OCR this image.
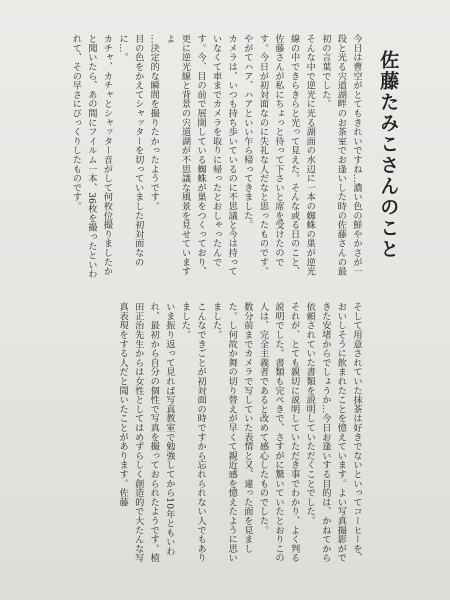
佐藤たみこさんのこと

今日は曹空がとてもきれいですね…濃い色の鮮やかさが一段と光る宍道湖畔のお茶室でお逢いした時の佐藤さんの最初の言葉でした。

そんな中で逆光に光る湖面の水辺に一本の蜘蛛の巣が逆光線の中できらきらと光って見えた。そんな或る日のこと、佐藤さんが私にちょっと待って下さいと席を受けたのです。今日が初対面なのに失礼な人だなと思ったものです。

やがてハア、ハアといい乍ら帰ってきました。

カメラは、いつも持ち歩いているのに不思議と今は持っていなくて車までカメラを取りに帰ったとおしゃったんです。今、目の前で展開している蜘蛛が巣をつくっており、更に逆光線と背景の宍道湖が不思議な風景を見せていますよ

…決定的な瞬間を撮りたかったようです。

目の色をかえてシャッターを切っていました初対面なのに…。

カチャ、カチャとシャッター音がして何枚位撮りましたかと聞いたら、あの間にフイルム一本、36枚を撮ったといわれて、その早さにびっくりしたものです。

そして用意されていた抹茶は好きでないといってコーヒーを、おいしそうに飲まれたことを憶えています。よい写真撮影ができた安堵からでしょうか…今日お逢いする目的は、かねてから依頼されていた書類を説明していただくことでした。

それが、とても親切に説明していただき事でわかり、よく判る説明でした。書類も完ぺきで、さすがに驚いていたとおりこの人は、完全主義者であると改めて感心したものでした。

数分前までカメラで写していた表情と又、違った面を見ました。し何故か舞の切り替えが早くて親近感を憶えたように思いました。

こんなできごとが初対面の時ですから忘れられない人でもありました。

いま振り返って見れば写真教室で勉強してから10年ともいわれ、最初から自分の個性で写真を撮っておられたようです。植田正治先生からは女性としてはめずらしく創造的で大たんな写真表現をする人だと聞いたことがあります。佐藤
